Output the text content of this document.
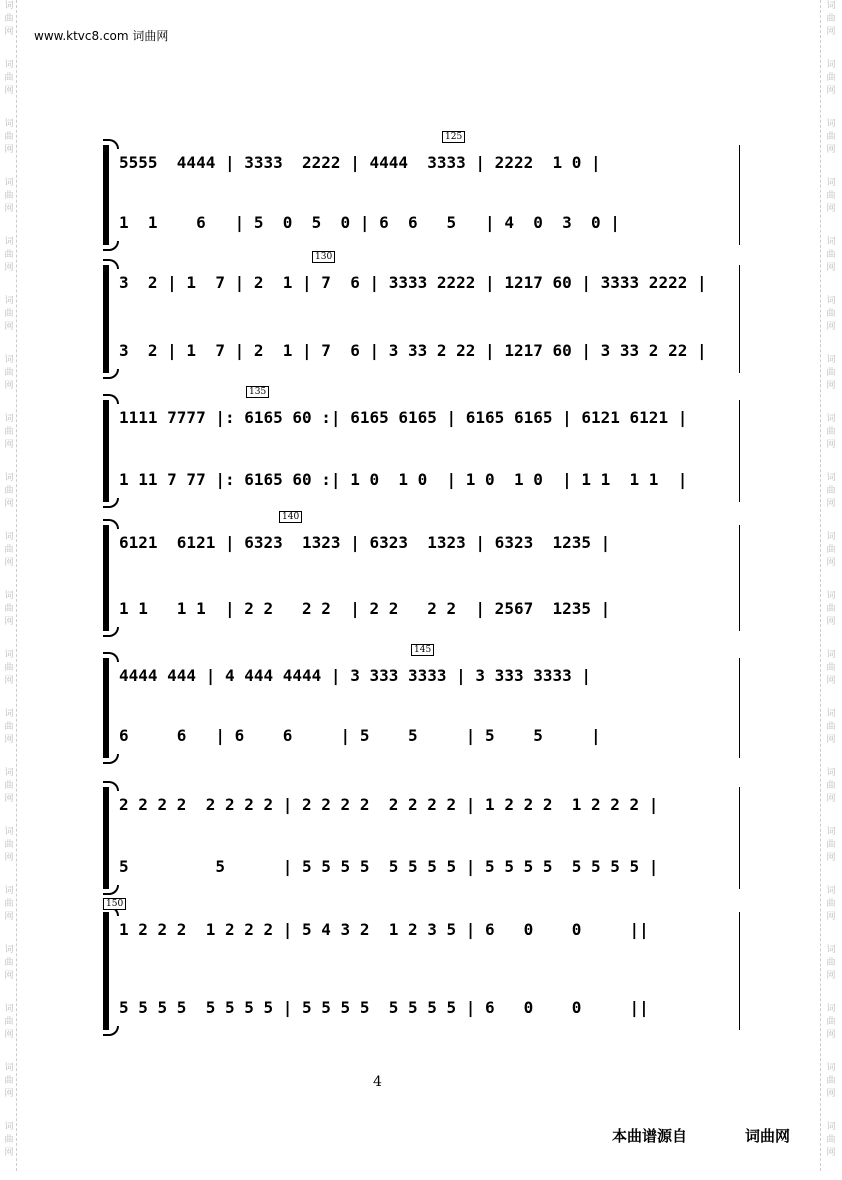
词
曲
网
词
曲
网
词
曲
网
词
曲
网
词
曲
网
词
曲
网
词
曲
网
词
曲
网
词
曲
网
词
曲
网
词
曲
网
词
曲
网
词
曲
网
词
曲
网
词
曲
网
词
曲
网
词
曲
网
词
曲
网
词
曲
网
词
曲
网
词
曲
网
词
曲
网
词
曲
网
词
曲
网
词
曲
网
词
曲
网
词
曲
网
词
曲
网
词
曲
网
词
曲
网
词
曲
网
词
曲
网
词
曲
网
词
曲
网
词
曲
网
词
曲
网
词
曲
网
词
曲
网
词
曲
网
词
曲
网
www.ktvc8.com 词曲网
5555  4444 | 3333  2222 | 4444  3333 | 2222  1 0 |
1  1    6   | 5  0  5  0 | 6  6   5   | 4  0  3  0 |
125
3  2 | 1  7 | 2  1 | 7  6 | 3333 2222 | 1217 60 | 3333 2222 |
3  2 | 1  7 | 2  1 | 7  6 | 3 33 2 22 | 1217 60 | 3 33 2 22 |
130
1111 7777 |: 6165 60 :| 6165 6165 | 6165 6165 | 6121 6121 |
1 11 7 77 |: 6165 60 :| 1 0  1 0  | 1 0  1 0  | 1 1  1 1  |
135
6121  6121 | 6323  1323 | 6323  1323 | 6323  1235 |
1 1   1 1  | 2 2   2 2  | 2 2   2 2  | 2567  1235 |
140
4444 444 | 4 444 4444 | 3 333 3333 | 3 333 3333 |
6     6   | 6    6     | 5    5     | 5    5     |
145
2 2 2 2  2 2 2 2 | 2 2 2 2  2 2 2 2 | 1 2 2 2  1 2 2 2 |
5         5      | 5 5 5 5  5 5 5 5 | 5 5 5 5  5 5 5 5 |
1 2 2 2  1 2 2 2 | 5 4 3 2  1 2 3 5 | 6   0    0     ||
5 5 5 5  5 5 5 5 | 5 5 5 5  5 5 5 5 | 6   0    0     ||
150
4
本曲谱源自	词曲网
